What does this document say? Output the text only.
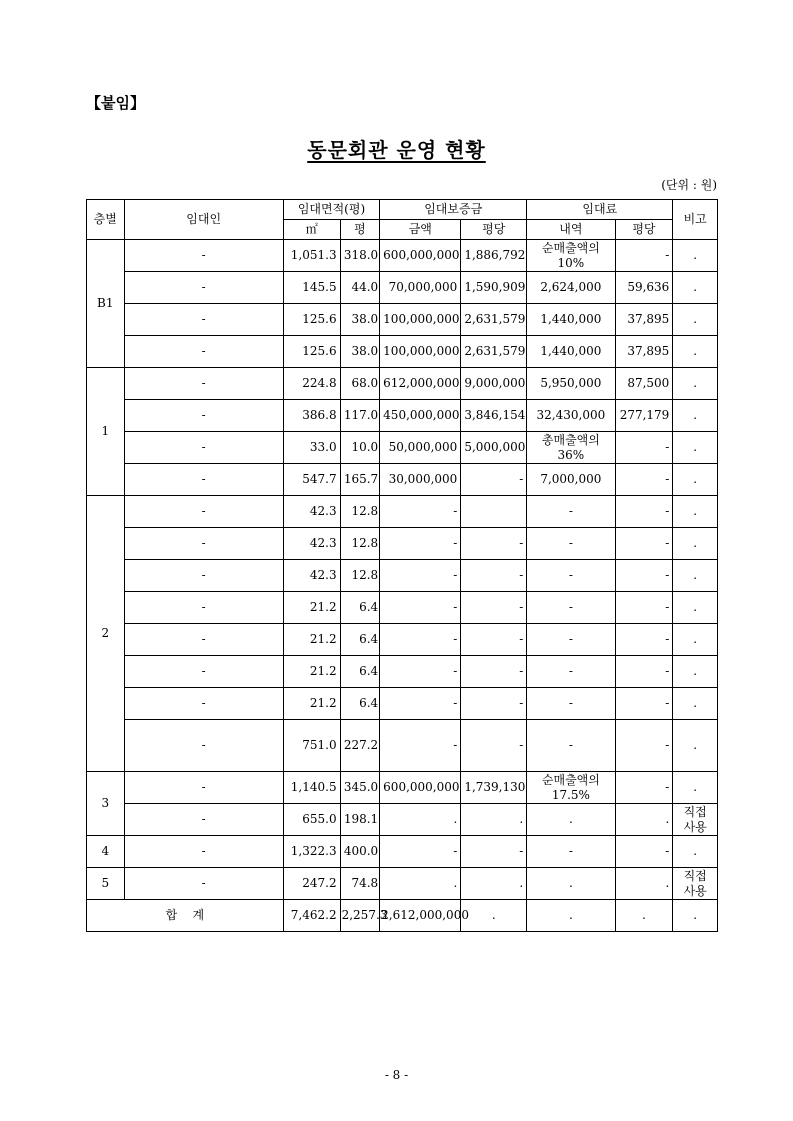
【붙임】
동문회관 운영 현황
(단위 : 원)
층별	임대인	임대면적(평)		임대보증금		임대료		비고
		㎡	평	금액	평당	내역	평당	
B1	-	1,051.3	318.0	600,000,000	1,886,792	순매출액의 10%	-	.
	-	145.5	44.0	70,000,000	1,590,909	2,624,000	59,636	.
	-	125.6	38.0	100,000,000	2,631,579	1,440,000	37,895	.
	-	125.6	38.0	100,000,000	2,631,579	1,440,000	37,895	.
1	-	224.8	68.0	612,000,000	9,000,000	5,950,000	87,500	.
	-	386.8	117.0	450,000,000	3,846,154	32,430,000	277,179	.
	-	33.0	10.0	50,000,000	5,000,000	총매출액의 36%	-	.
	-	547.7	165.7	30,000,000	-	7,000,000	-	.
2	-	42.3	12.8	-		-	-	.
	-	42.3	12.8	-	-	-	-	.
	-	42.3	12.8	-	-	-	-	.
	-	21.2	6.4	-	-	-	-	.
	-	21.2	6.4	-	-	-	-	.
	-	21.2	6.4	-	-	-	-	.
	-	21.2	6.4	-	-	-	-	.
	-	751.0	227.2	-	-	-	-	.
3	-	1,140.5	345.0	600,000,000	1,739,130	순매출액의 17.5%	-	.
	-	655.0	198.1	.	.	.	.	직접 사용
4	-	1,322.3	400.0	-	-	-	-	.
5	-	247.2	74.8	.	.	.	.	직접 사용
합    계		7,462.2	2,257.3	2,612,000,000	.	.	.	.
- 8 -
